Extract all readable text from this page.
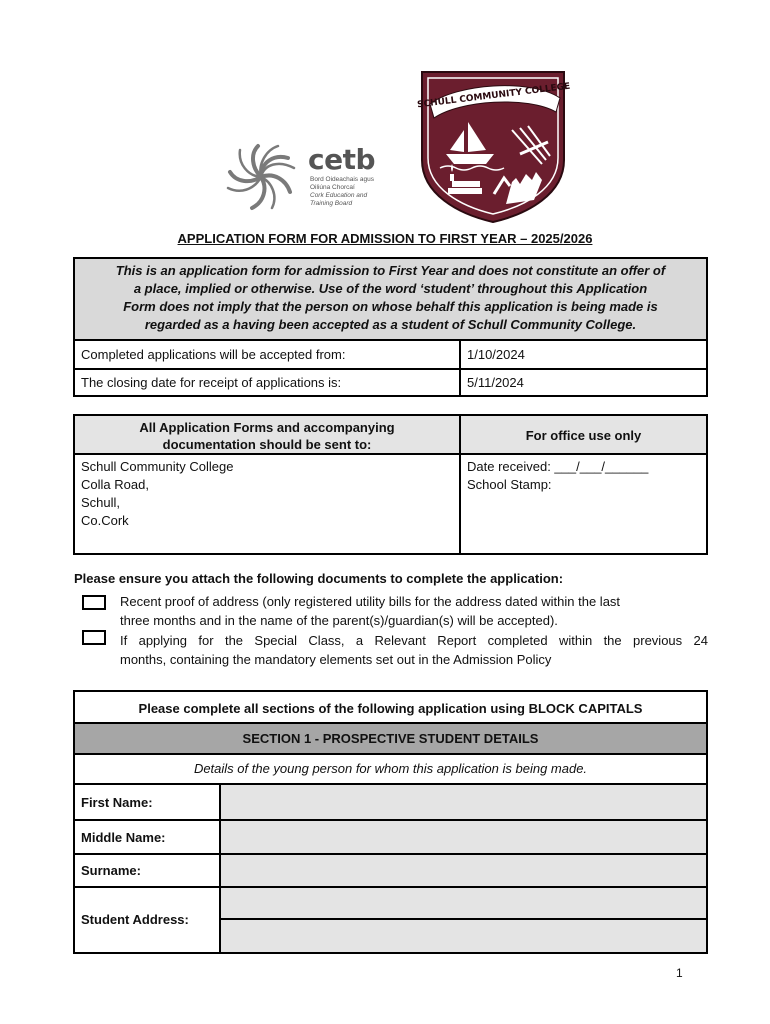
cetb
Bord Oideachais agus
Oiliúna Chorcaí
Cork Education and
Training Board
SCHULL COMMUNITY COLLEGE
APPLICATION FORM FOR ADMISSION TO FIRST YEAR – 2025/2026
This is an application form for admission to First Year and does not constitute an offer of
a place, implied or otherwise. Use of the word ‘student’ throughout this Application
Form does not imply that the person on whose behalf this application is being made is
regarded as a having been accepted as a student of Schull Community College.
Completed applications will be accepted from:	1/10/2024
The closing date for receipt of applications is:	5/11/2024
All Application Forms and accompanying
documentation should be sent to:
For office use only
Schull Community College
Colla Road,
Schull,
Co.Cork
Date received: ___/___/______
School Stamp:
Please ensure you attach the following documents to complete the application:
Recent proof of address (only registered utility bills for the address dated within the last
three months and in the name of the parent(s)/guardian(s) will be accepted).
If applying for the Special Class, a Relevant Report completed within the previous 24
months, containing the mandatory elements set out in the Admission Policy
Please complete all sections of the following application using BLOCK CAPITALS
SECTION 1 - PROSPECTIVE STUDENT DETAILS
Details of the young person for whom this application is being made.
First Name:
Middle Name:
Surname:
Student Address:
1
